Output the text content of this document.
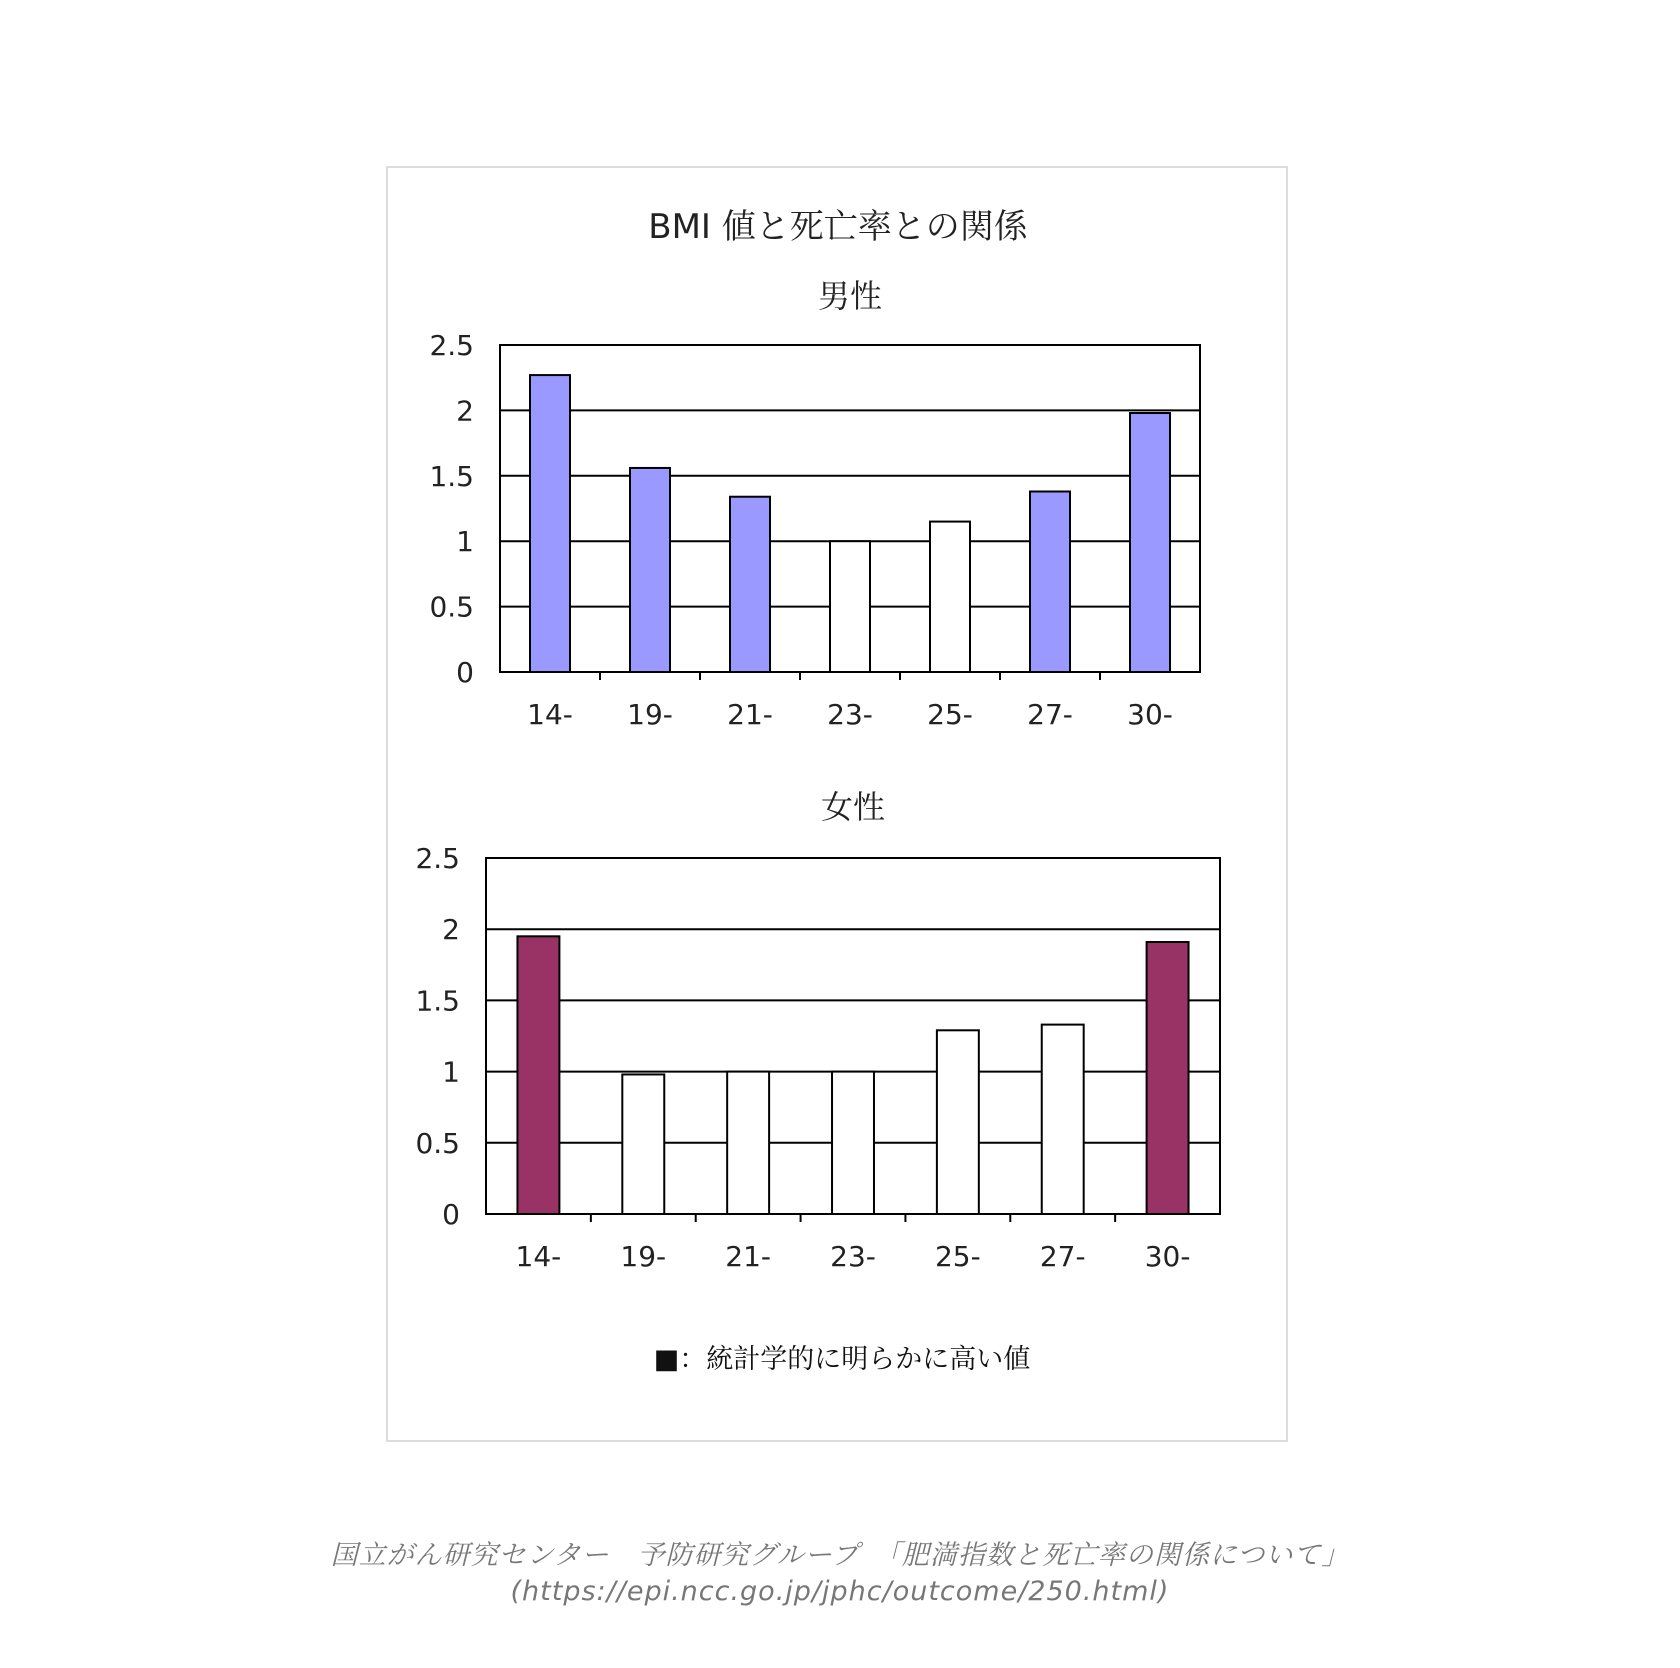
BMI 値と死亡率との関係
男性
0
0.5
1
1.5
2
2.5
14- 19- 21- 23- 25- 27- 30-
女性
0
0.5
1
1.5
2
2.5
14- 19- 21- 23- 25- 27- 30-
■：統計学的に明らかに高い値
国立がん研究センター　予防研究グループ　「肥満指数と死亡率の関係について」(https://epi.ncc.go.jp/jphc/outcome/250.html)
